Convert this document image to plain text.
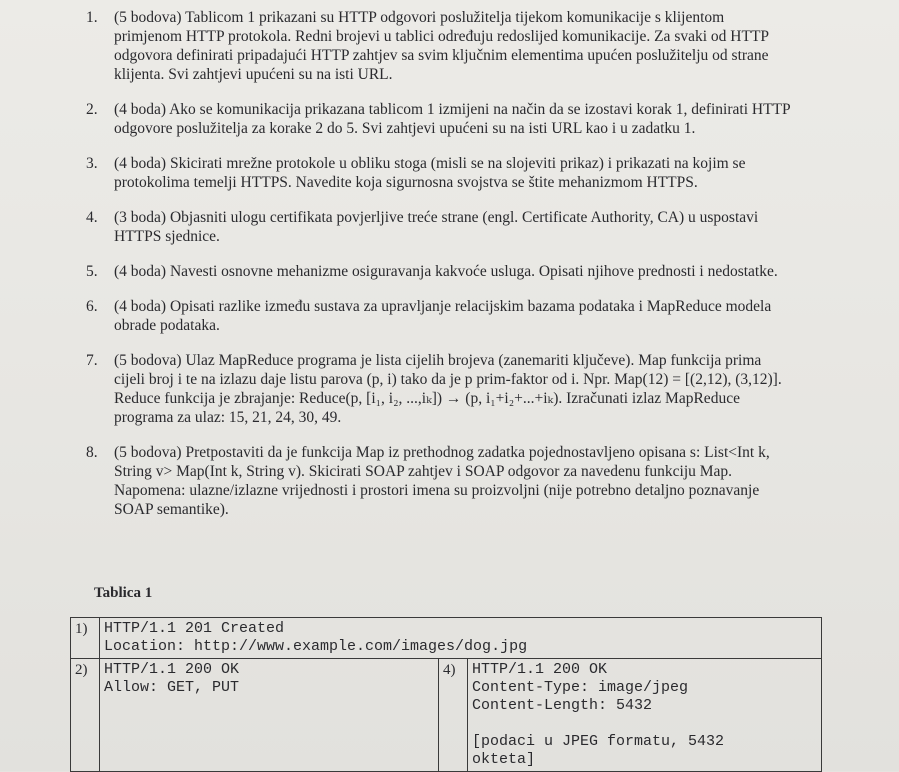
1.	(5 bodova) Tablicom 1 prikazani su HTTP odgovori poslužitelja tijekom komunikacije s klijentom primjenom HTTP protokola. Redni brojevi u tablici određuju redoslijed komunikacije. Za svaki od HTTP odgovora definirati pripadajući HTTP zahtjev sa svim ključnim elementima upućen poslužitelju od strane klijenta. Svi zahtjevi upućeni su na isti URL.
2.	(4 boda) Ako se komunikacija prikazana tablicom 1 izmijeni na način da se izostavi korak 1, definirati HTTP odgovore poslužitelja za korake 2 do 5. Svi zahtjevi upućeni su na isti URL kao i u zadatku 1.
3.	(4 boda) Skicirati mrežne protokole u obliku stoga (misli se na slojeviti prikaz) i prikazati na kojim se protokolima temelji HTTPS. Navedite koja sigurnosna svojstva se štite mehanizmom HTTPS.
4.	(3 boda) Objasniti ulogu certifikata povjerljive treće strane (engl. Certificate Authority, CA) u uspostavi HTTPS sjednice.
5.	(4 boda) Navesti osnovne mehanizme osiguravanja kakvoće usluga. Opisati njihove prednosti i nedostatke.
6.	(4 boda) Opisati razlike između sustava za upravljanje relacijskim bazama podataka i MapReduce modela obrade podataka.
7.	(5 bodova) Ulaz MapReduce programa je lista cijelih brojeva (zanemariti ključeve). Map funkcija prima cijeli broj i te na izlazu daje listu parova (p, i) tako da je p prim-faktor od i. Npr. Map(12) = [(2,12), (3,12)]. Reduce funkcija je zbrajanje: Reduce(p, [i₁, i₂, ...,iₖ]) → (p, i₁+i₂+...+iₖ). Izračunati izlaz MapReduce programa za ulaz: 15, 21, 24, 30, 49.
8.	(5 bodova) Pretpostaviti da je funkcija Map iz prethodnog zadatka pojednostavljeno opisana s: List<Int k, String v> Map(Int k, String v). Skicirati SOAP zahtjev i SOAP odgovor za navedenu funkciju Map. Napomena: ulazne/izlazne vrijednosti i prostori imena su proizvoljni (nije potrebno detaljno poznavanje SOAP semantike).
Tablica 1
1)	HTTP/1.1 201 Created
Location: http://www.example.com/images/dog.jpg		

2)	HTTP/1.1 200 OK
Allow: GET, PUT	4)	HTTP/1.1 200 OK
Content-Type: image/jpeg
Content-Length: 5432
[podaci u JPEG formatu, 5432
okteta]
